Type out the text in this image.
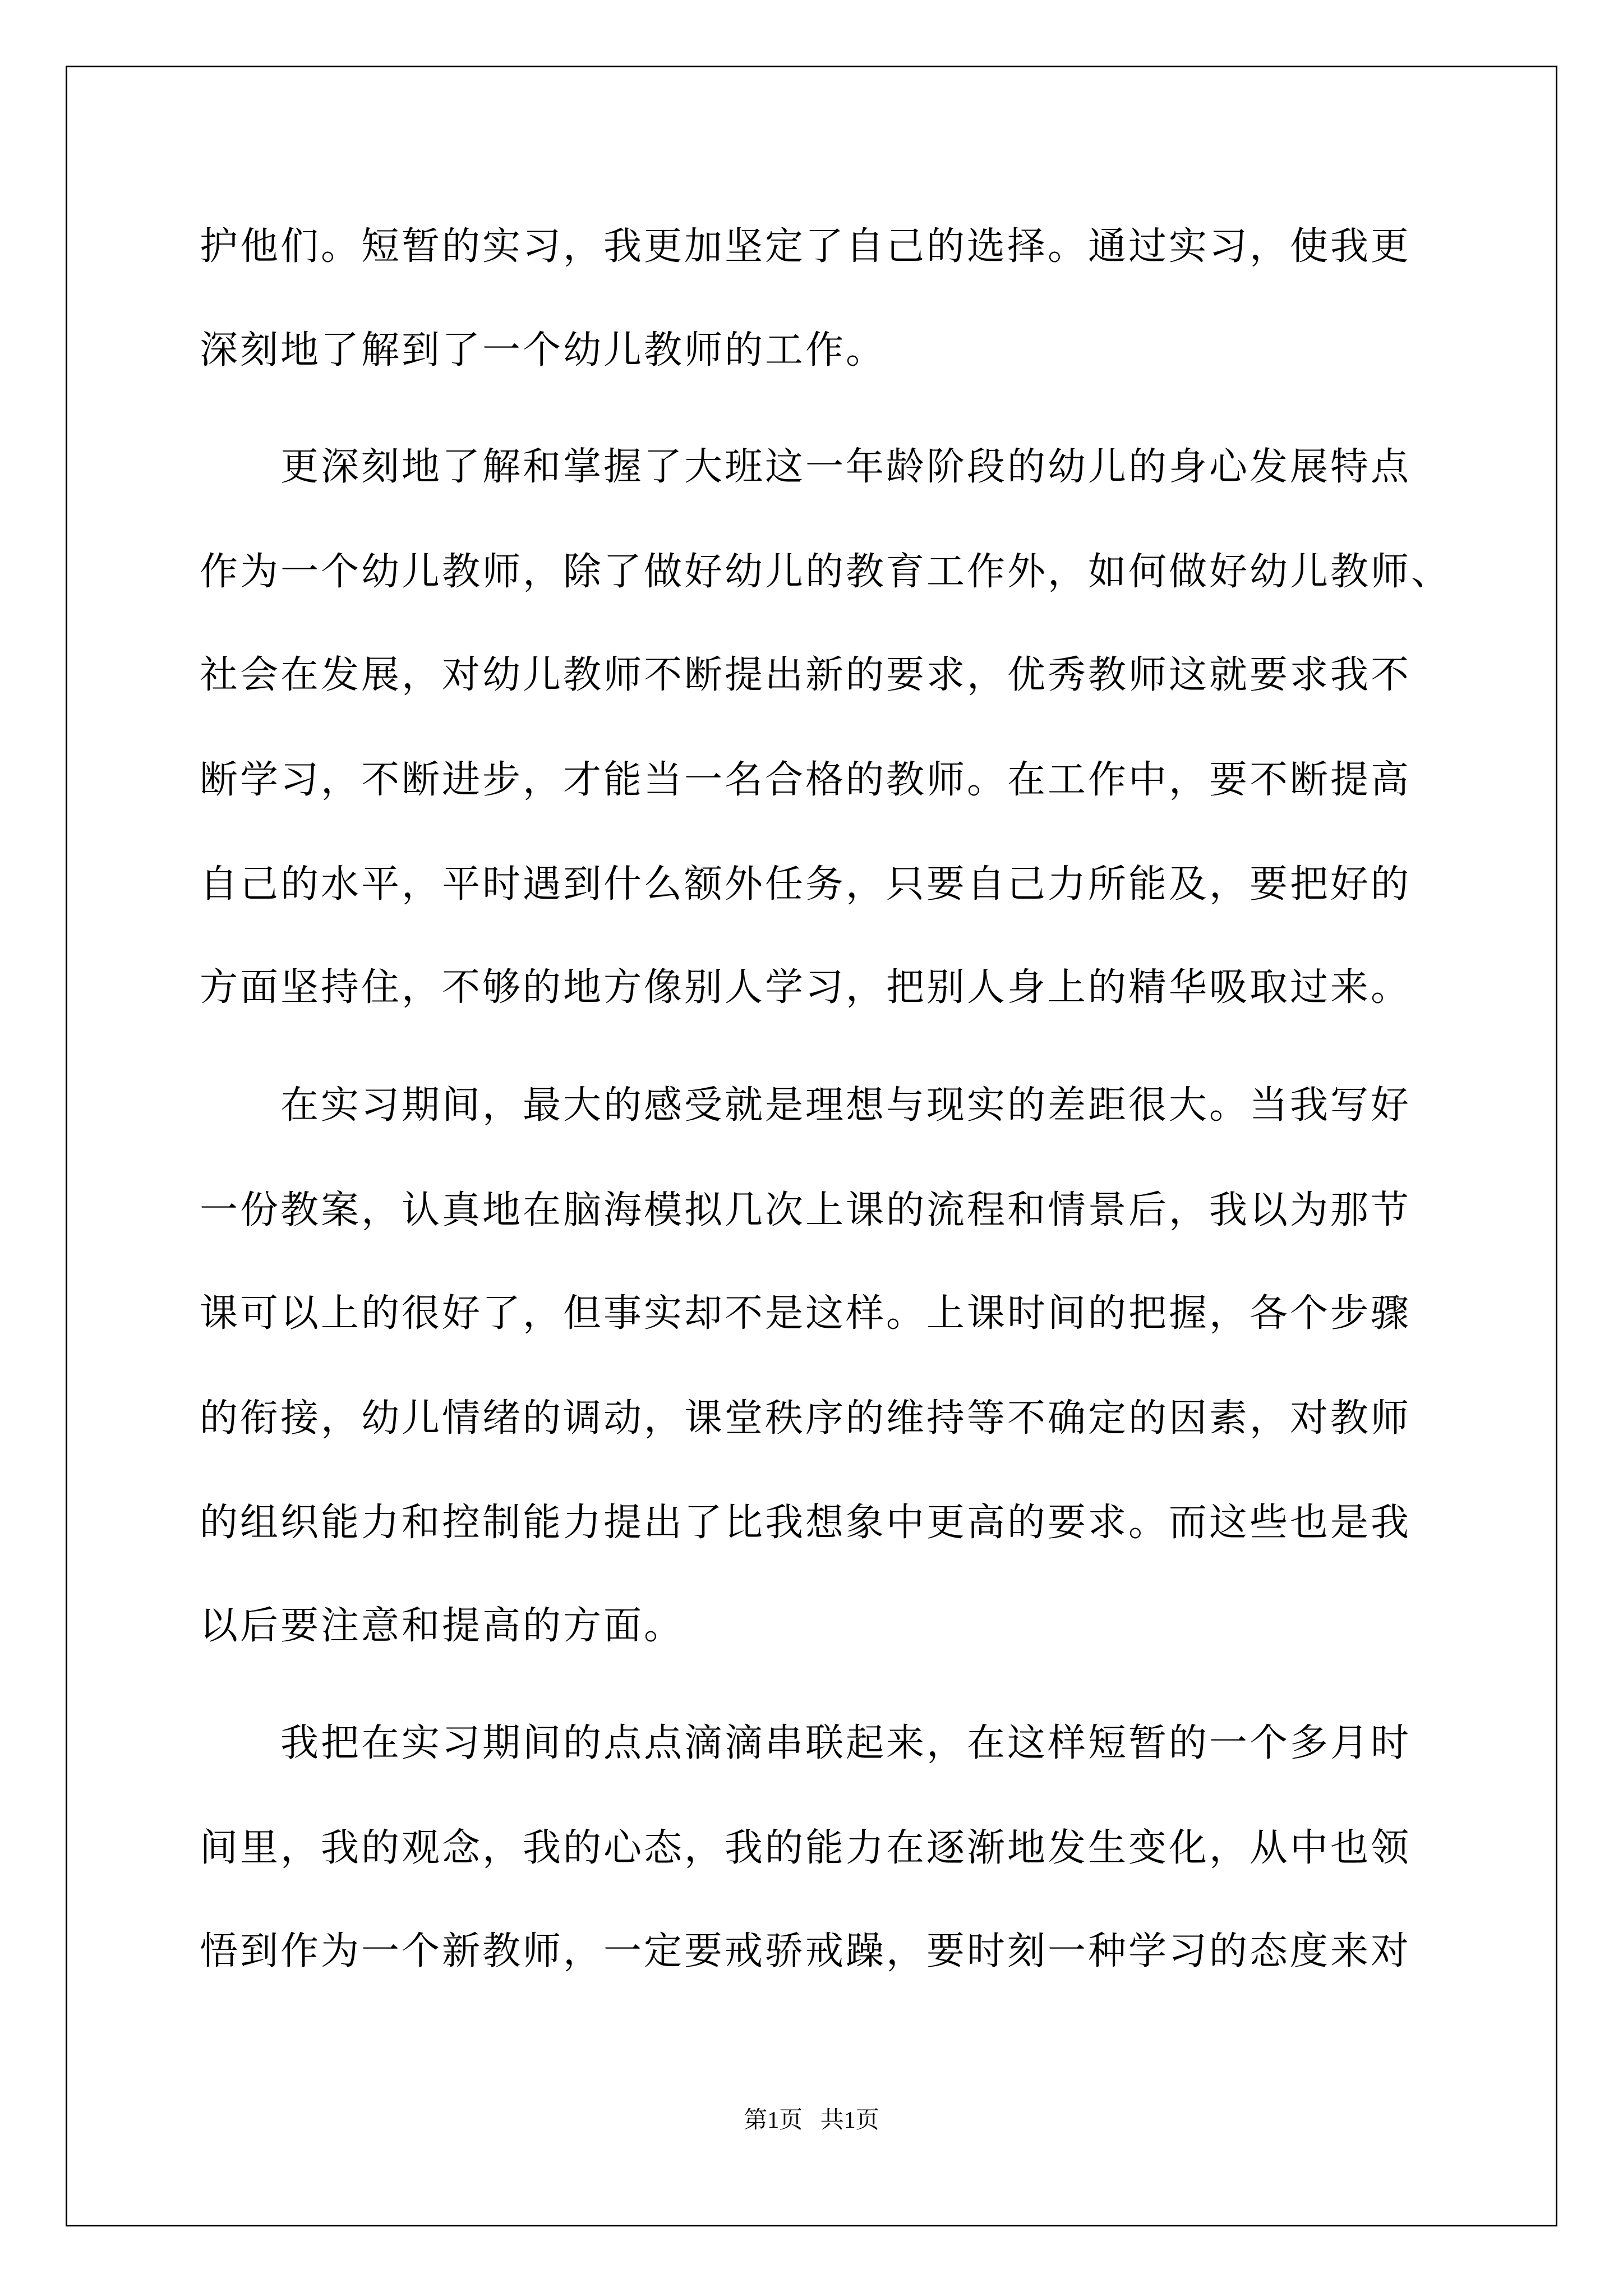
护他们。短暂的实习，我更加坚定了自己的选择。通过实习，使我更

深刻地了解到了一个幼儿教师的工作。

更深刻地了解和掌握了大班这一年龄阶段的幼儿的身心发展特点

作为一个幼儿教师，除了做好幼儿的教育工作外，如何做好幼儿教师、

社会在发展，对幼儿教师不断提出新的要求，优秀教师这就要求我不

断学习，不断进步，才能当一名合格的教师。在工作中，要不断提高

自己的水平，平时遇到什么额外任务，只要自己力所能及，要把好的

方面坚持住，不够的地方像别人学习，把别人身上的精华吸取过来。

在实习期间，最大的感受就是理想与现实的差距很大。当我写好

一份教案，认真地在脑海模拟几次上课的流程和情景后，我以为那节

课可以上的很好了，但事实却不是这样。上课时间的把握，各个步骤

的衔接，幼儿情绪的调动，课堂秩序的维持等不确定的因素，对教师

的组织能力和控制能力提出了比我想象中更高的要求。而这些也是我

以后要注意和提高的方面。

我把在实习期间的点点滴滴串联起来，在这样短暂的一个多月时

间里，我的观念，我的心态，我的能力在逐渐地发生变化，从中也领

悟到作为一个新教师，一定要戒骄戒躁，要时刻一种学习的态度来对

第1页   共1页
